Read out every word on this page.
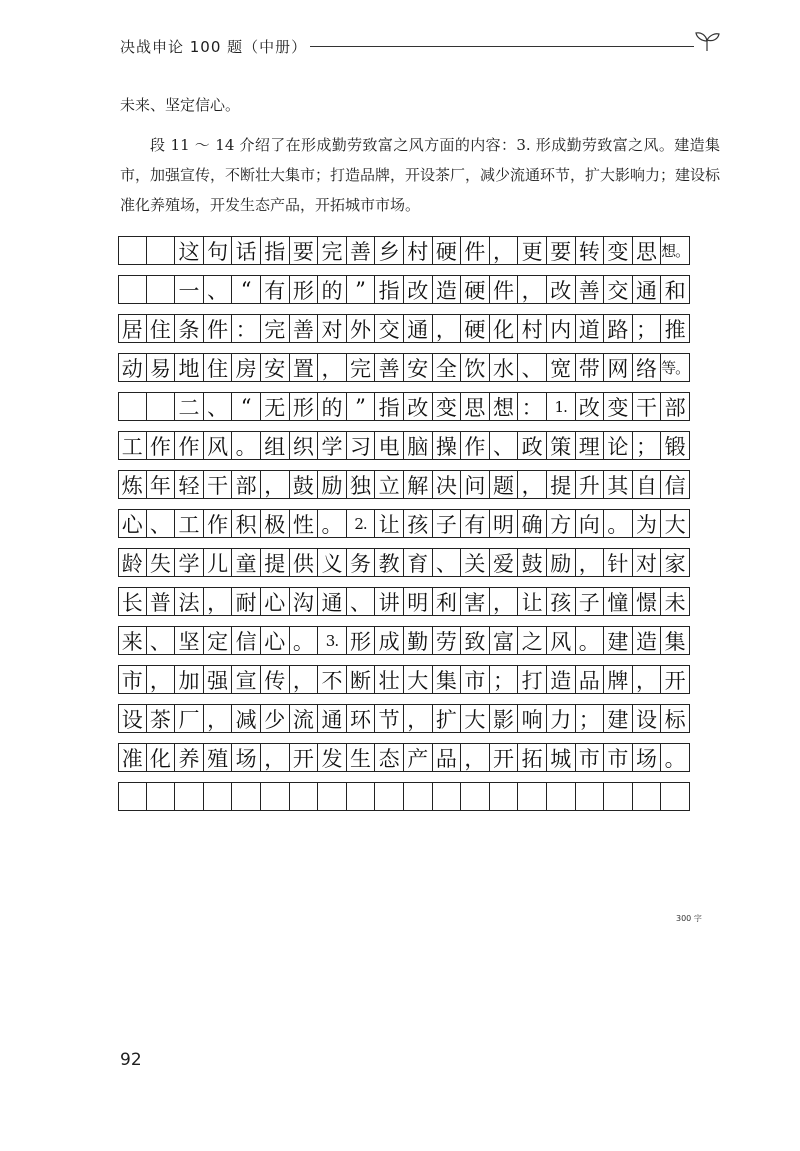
决战申论 100 题（中册）

未来、坚定信心。

段 11 ～ 14 介绍了在形成勤劳致富之风方面的内容：3. 形成勤劳致富之风。建造集市，加强宣传，不断壮大集市；打造品牌，开设茶厂，减少流通环节，扩大影响力；建设标准化养殖场，开发生态产品，开拓城市市场。

这 句 话 指 要 完 善 乡 村 硬 件 ， 更 要 转 变 思 想。
一 、 “ 有 形 的 ” 指 改 造 硬 件 ， 改 善 交 通 和
居 住 条 件 ： 完 善 对 外 交 通 ， 硬 化 村 内 道 路 ； 推
动 易 地 住 房 安 置 ， 完 善 安 全 饮 水 、 宽 带 网 络 等。
二 、 “ 无 形 的 ” 指 改 变 思 想 ： 1. 改 变 干 部
工 作 作 风 。 组 织 学 习 电 脑 操 作 、 政 策 理 论 ； 锻
炼 年 轻 干 部 ， 鼓 励 独 立 解 决 问 题 ， 提 升 其 自 信
心 、 工 作 积 极 性 。 2. 让 孩 子 有 明 确 方 向 。 为 大
龄 失 学 儿 童 提 供 义 务 教 育 、 关 爱 鼓 励 ， 针 对 家
长 普 法 ， 耐 心 沟 通 、 讲 明 利 害 ， 让 孩 子 憧 憬 未
来 、 坚 定 信 心 。 3. 形 成 勤 劳 致 富 之 风 。 建 造 集
市 ， 加 强 宣 传 ， 不 断 壮 大 集 市 ； 打 造 品 牌 ， 开
设 茶 厂 ， 减 少 流 通 环 节 ， 扩 大 影 响 力 ； 建 设 标
准 化 养 殖 场 ， 开 发 生 态 产 品 ， 开 拓 城 市 市 场 。
300 字
92
